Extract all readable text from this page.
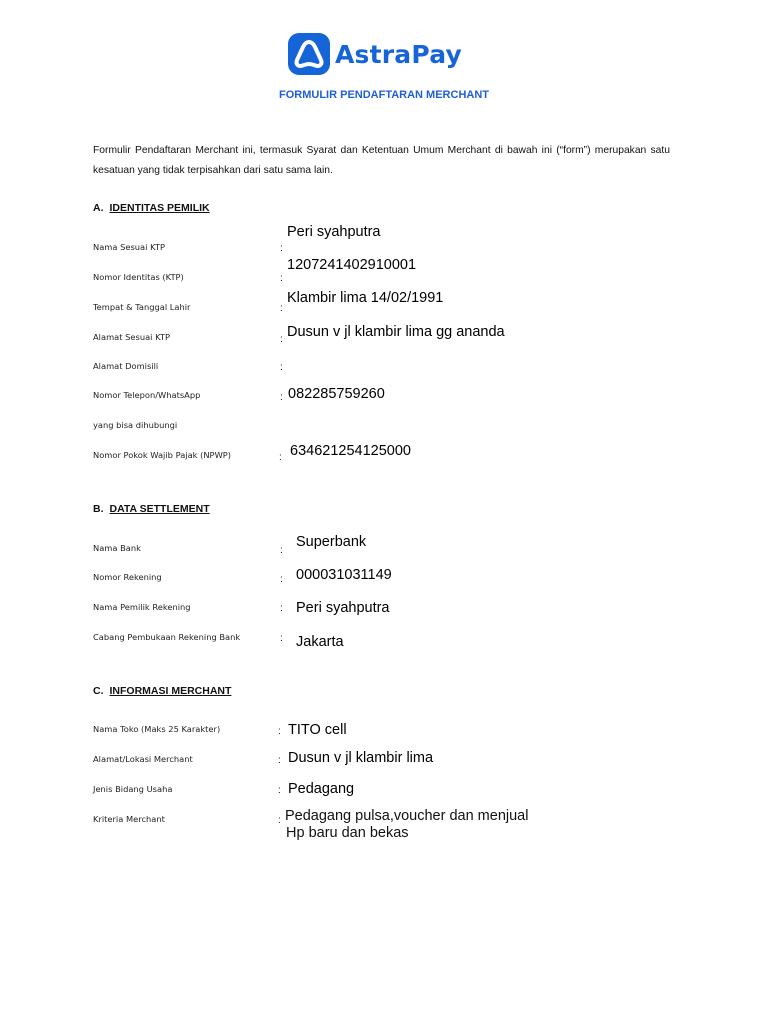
AstraPay
FORMULIR PENDAFTARAN MERCHANT
Formulir Pendaftaran Merchant ini, termasuk Syarat dan Ketentuan Umum Merchant di bawah ini (“form”) merupakan satu kesatuan yang tidak terpisahkan dari satu sama lain.
A. IDENTITAS PEMILIK
Nama Sesuai KTP	:
Peri syahputra
Nomor Identitas (KTP)	:
1207241402910001
Tempat & Tanggal Lahir	:
Klambir lima 14/02/1991
Alamat Sesuai KTP	: Dusun v jl klambir lima gg ananda
Alamat Domisili	:
Nomor Telepon/WhatsApp	: 082285759260
yang bisa dihubungi
Nomor Pokok Wajib Pajak (NPWP)	: 634621254125000
B. DATA SETTLEMENT
Nama Bank	:
Superbank
Nomor Rekening	: 000031031149
Nama Pemilik Rekening	: Peri syahputra
Cabang Pembukaan Rekening Bank	: Jakarta
C. INFORMASI MERCHANT
Nama Toko (Maks 25 Karakter)	: TITO cell
Alamat/Lokasi Merchant	: Dusun v jl klambir lima
Jenis Bidang Usaha	: Pedagang
Kriteria Merchant	: Pedagang pulsa,voucher dan menjual
Hp baru dan bekas
